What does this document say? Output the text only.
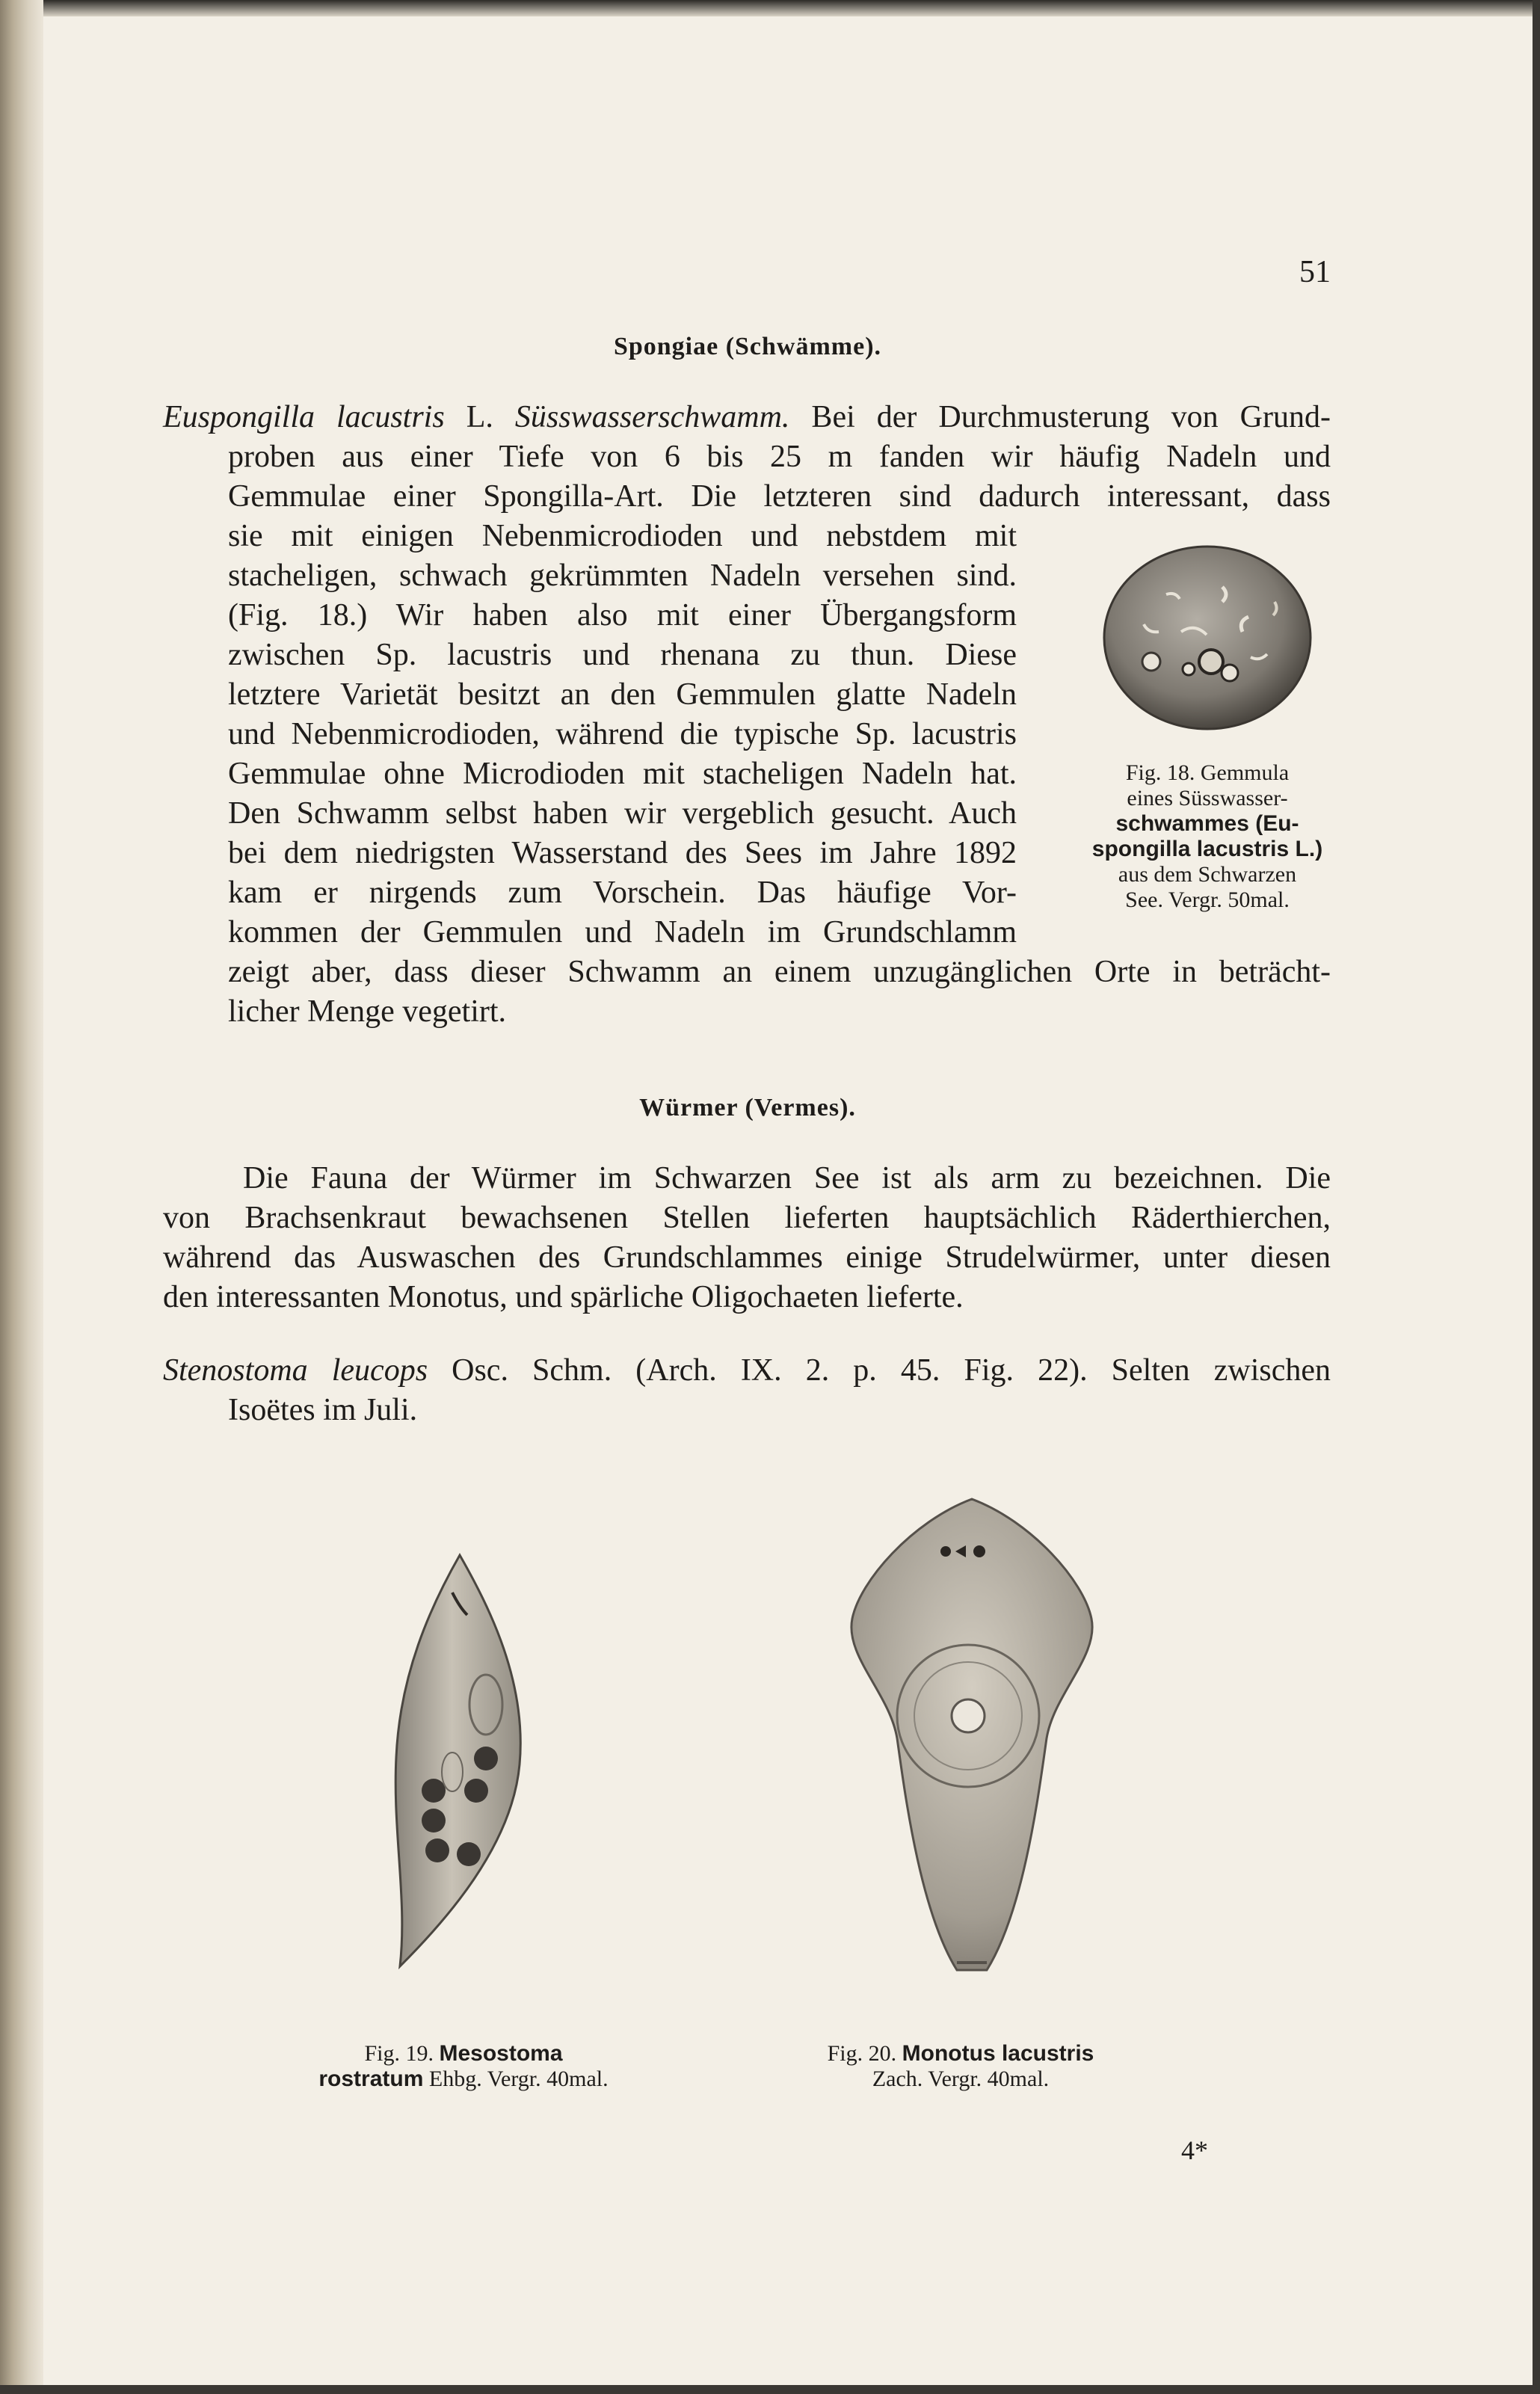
51
Spongiae (Schwämme).
Euspongilla lacustris L. Süsswasserschwamm. Bei der Durchmusterung von Grund-
proben aus einer Tiefe von 6 bis 25 m fanden wir häufig Nadeln und
Gemmulae einer Spongilla-Art. Die letzteren sind dadurch interessant, dass
sie mit einigen Nebenmicrodioden und nebstdem mit
stacheligen, schwach gekrümmten Nadeln versehen sind.
(Fig. 18.) Wir haben also mit einer Übergangsform
zwischen Sp. lacustris und rhenana zu thun. Diese
letztere Varietät besitzt an den Gemmulen glatte Nadeln
und Nebenmicrodioden, während die typische Sp. lacustris
Gemmulae ohne Microdioden mit stacheligen Nadeln hat.
Den Schwamm selbst haben wir vergeblich gesucht. Auch
bei dem niedrigsten Wasserstand des Sees im Jahre 1892
kam er nirgends zum Vorschein. Das häufige Vor-
kommen der Gemmulen und Nadeln im Grundschlamm
zeigt aber, dass dieser Schwamm an einem unzugänglichen Orte in beträcht-
licher Menge vegetirt.
Fig. 18. Gemmula
eines Süsswasser-
schwammes (Eu-
spongilla lacustris L.)
aus dem Schwarzen
See. Vergr. 50mal.
Würmer (Vermes).
Die Fauna der Würmer im Schwarzen See ist als arm zu bezeichnen. Die
von Brachsenkraut bewachsenen Stellen lieferten hauptsächlich Räderthierchen,
während das Auswaschen des Grundschlammes einige Strudelwürmer, unter diesen
den interessanten Monotus, und spärliche Oligochaeten lieferte.
Stenostoma leucops Osc. Schm. (Arch. IX. 2. p. 45. Fig. 22). Selten zwischen
Isoëtes im Juli.
Fig. 19. Mesostoma
rostratum Ehbg. Vergr. 40mal.
Fig. 20. Monotus lacustris
Zach. Vergr. 40mal.
4*
